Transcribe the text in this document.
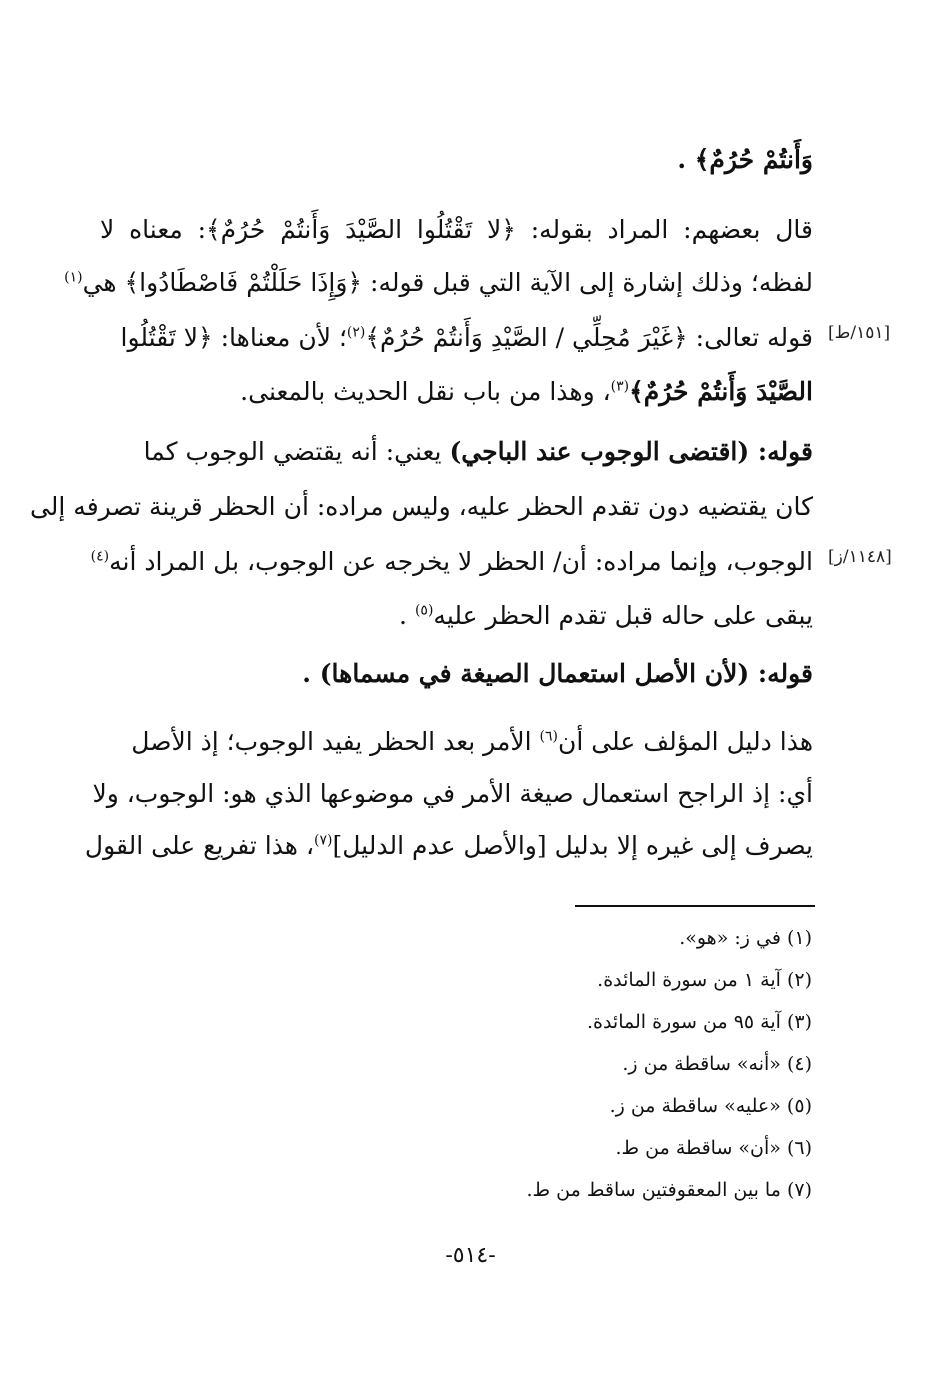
وَأَنتُمْ حُرُمٌ﴾ .
قال بعضهم: المراد بقوله: ﴿لا تَقْتُلُوا الصَّيْدَ وَأَنتُمْ حُرُمٌ﴾: معناه لا
لفظه؛ وذلك إشارة إلى الآية التي قبل قوله: ﴿وَإِذَا حَلَلْتُمْ فَاصْطَادُوا﴾ هي$^{(١)}$
قوله تعالى: ﴿غَيْرَ مُحِلِّي / الصَّيْدِ وَأَنتُمْ حُرُمٌ﴾$^{(٢)}$؛ لأن معناها: ﴿لا تَقْتُلُوا
الصَّيْدَ وَأَنتُمْ حُرُمٌ﴾$^{(٣)}$، وهذا من باب نقل الحديث بالمعنى.
قوله: (اقتضى الوجوب عند الباجي) يعني: أنه يقتضي الوجوب كما
كان يقتضيه دون تقدم الحظر عليه، وليس مراده: أن الحظر قرينة تصرفه إلى
الوجوب، وإنما مراده: أن/ الحظر لا يخرجه عن الوجوب، بل المراد أنه$^{(٤)}$
يبقى على حاله قبل تقدم الحظر عليه$^{(٥)}$ .
قوله: (لأن الأصل استعمال الصيغة في مسماها) .
هذا دليل المؤلف على أن$^{(٦)}$ الأمر بعد الحظر يفيد الوجوب؛ إذ الأصل
أي: إذ الراجح استعمال صيغة الأمر في موضوعها الذي هو: الوجوب، ولا
يصرف إلى غيره إلا بدليل [والأصل عدم الدليل]$^{(٧)}$، هذا تفريع على القول
[١٥١/ط]
[١١٤٨/ز]
(١) في ز: «هو».
(٢) آية ١ من سورة المائدة.
(٣) آية ٩٥ من سورة المائدة.
(٤) «أنه» ساقطة من ز.
(٥) «عليه» ساقطة من ز.
(٦) «أن» ساقطة من ط.
(٧) ما بين المعقوفتين ساقط من ط.
-٥١٤-
